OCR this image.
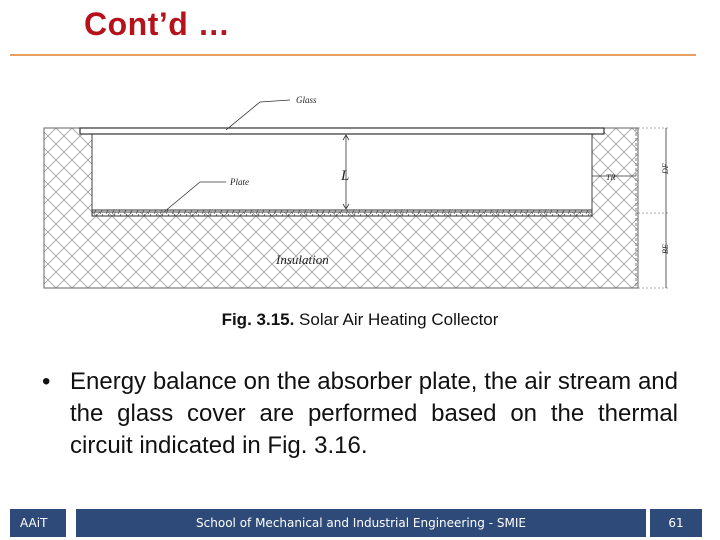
Cont’d …
Glass
Plate	L	TR
DF
BE
Insulation
Fig. 3.15. Solar Air Heating Collector
• Energy balance on the absorber plate, the air stream and the glass cover are performed based on the thermal circuit indicated in Fig. 3.16.
AAiT	School of Mechanical and Industrial Engineering - SMIE	61
